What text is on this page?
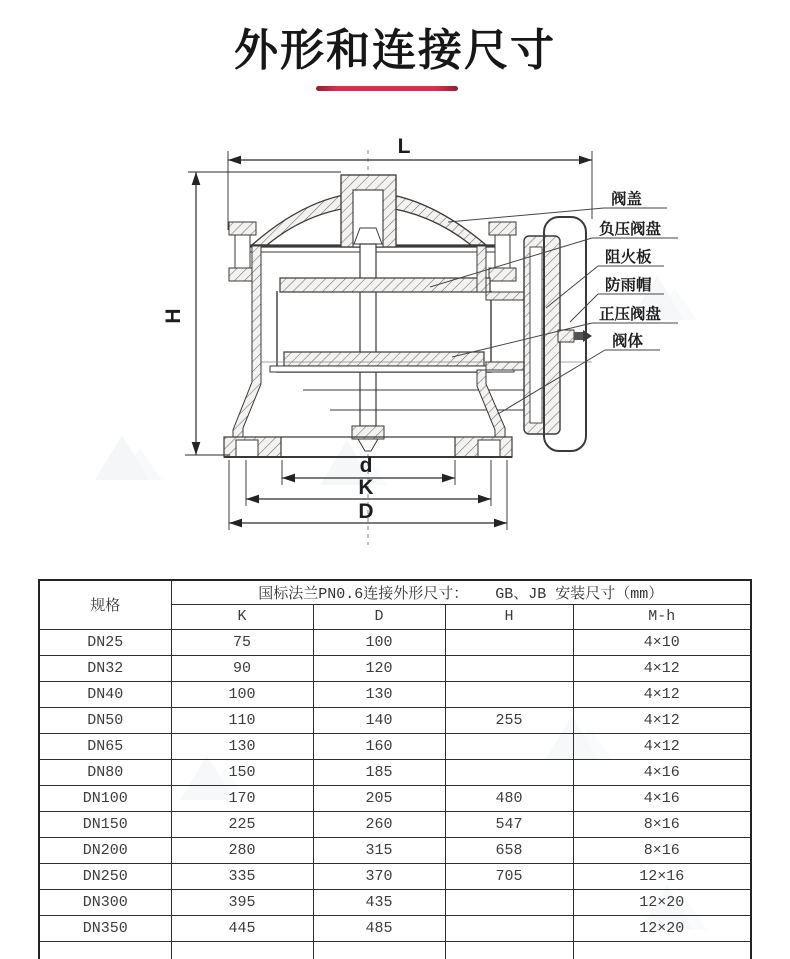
外形和连接尺寸
L
H
d
K
D
阀盖
负压阀盘
阻火板
防雨帽
正压阀盘
阀体
规格	国标法兰PN0.6连接外形尺寸：   GB、JB 安装尺寸（mm）			
	K	D	H	M-h
DN25	75	100		4×10
DN32	90	120		4×12
DN40	100	130		4×12
DN50	110	140	255	4×12
DN65	130	160		4×12
DN80	150	185		4×16
DN100	170	205	480	4×16
DN150	225	260	547	8×16
DN200	280	315	658	8×16
DN250	335	370	705	12×16
DN300	395	435		12×20
DN350	445	485		12×20
